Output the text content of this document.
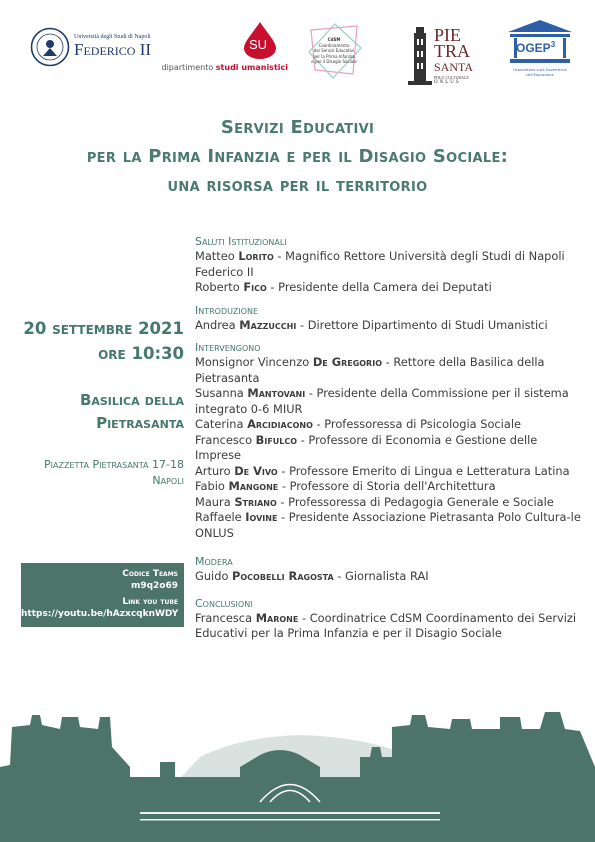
Università degli Studi di Napoli
Federico II	SU
dipartimento studi umanistici
CdSM
Coordinamento
dei Servizi Educativi
per la Prima Infanzia
e per il Disagio Sociale
PIE
TRA
SANTA
POLO CULTURALE
ONLUS
OGEP$^3$
Osservatorio sulla Governance dell'Educazione
Servizi Educativi
per la Prima Infanzia e per il Disagio Sociale:
una risorsa per il territorio
20 settembre 2021
ore 10:30
Basilica della
Pietrasanta
Piazzetta Pietrasanta 17-18
Napoli
Codice Teams
m9q2o69
Link you tube
https://youtu.be/hAzxcqknWDY
Saluti Istituzionali
Matteo Lorito - Magnifico Rettore Università degli Studi di Napoli Federico II
Roberto Fico - Presidente della Camera dei Deputati
Introduzione
Andrea Mazzucchi - Direttore Dipartimento di Studi Umanistici
Intervengono
Monsignor Vincenzo De Gregorio - Rettore della Basilica della Pietrasanta
Susanna Mantovani - Presidente della Commissione per il sistema integrato 0-6 MIUR
Caterina Arcidiacono - Professoressa di Psicologia Sociale
Francesco Bifulco - Professore di Economia e Gestione delle Imprese
Arturo De Vivo - Professore Emerito di Lingua e Letteratura Latina
Fabio Mangone - Professore di Storia dell'Architettura
Maura Striano - Professoressa di Pedagogia Generale e Sociale
Raffaele Iovine - Presidente Associazione Pietrasanta Polo Cultura-le ONLUS
Modera
Guido Pocobelli Ragosta - Giornalista RAI
Conclusioni
Francesca Marone - Coordinatrice CdSM Coordinamento dei Servizi Educativi per la Prima Infanzia e per il Disagio Sociale
